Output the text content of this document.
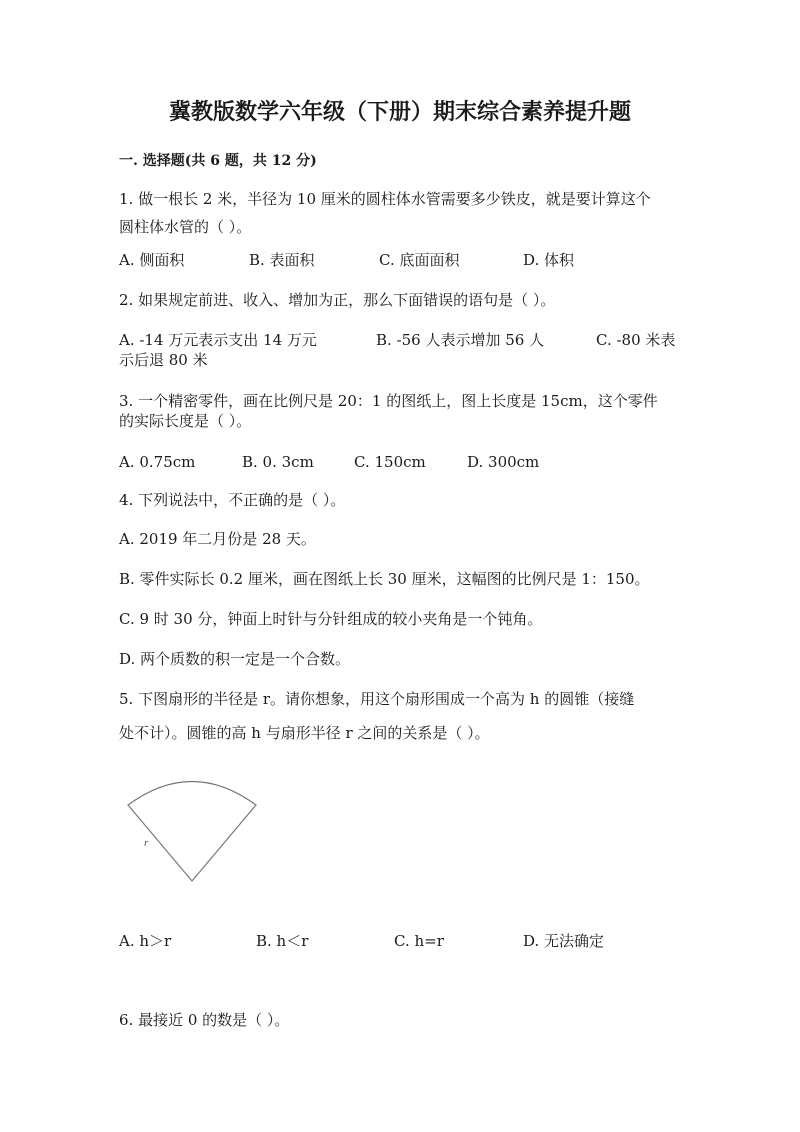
冀教版数学六年级（下册）期末综合素养提升题
一. 选择题(共 6 题，共 12 分)
1. 做一根长 2 米，半径为 10 厘米的圆柱体水管需要多少铁皮，就是要计算这个
圆柱体水管的（ ）。
A. 侧面积	B. 表面积	C. 底面面积	D. 体积
2. 如果规定前进、收入、增加为正，那么下面错误的语句是（ ）。
A. -14 万元表示支出 14 万元	B. -56 人表示增加 56 人	C. -80 米表
示后退 80 米
3. 一个精密零件，画在比例尺是 20：1 的图纸上，图上长度是 15cm，这个零件
的实际长度是（ ）。
A. 0.75cm	B. 0. 3cm	C. 150cm	D. 300cm
4. 下列说法中，不正确的是（ ）。
A. 2019 年二月份是 28 天。
B. 零件实际长 0.2 厘米，画在图纸上长 30 厘米，这幅图的比例尺是 1：150。
C. 9 时 30 分，钟面上时针与分针组成的较小夹角是一个钝角。
D. 两个质数的积一定是一个合数。
5. 下图扇形的半径是 r。请你想象，用这个扇形围成一个高为 h 的圆锥（接缝
处不计）。圆锥的高 h 与扇形半径 r 之间的关系是（ ）。
r
A. h＞r	B. h＜r	C. h=r	D. 无法确定
6. 最接近 0 的数是（ ）。
